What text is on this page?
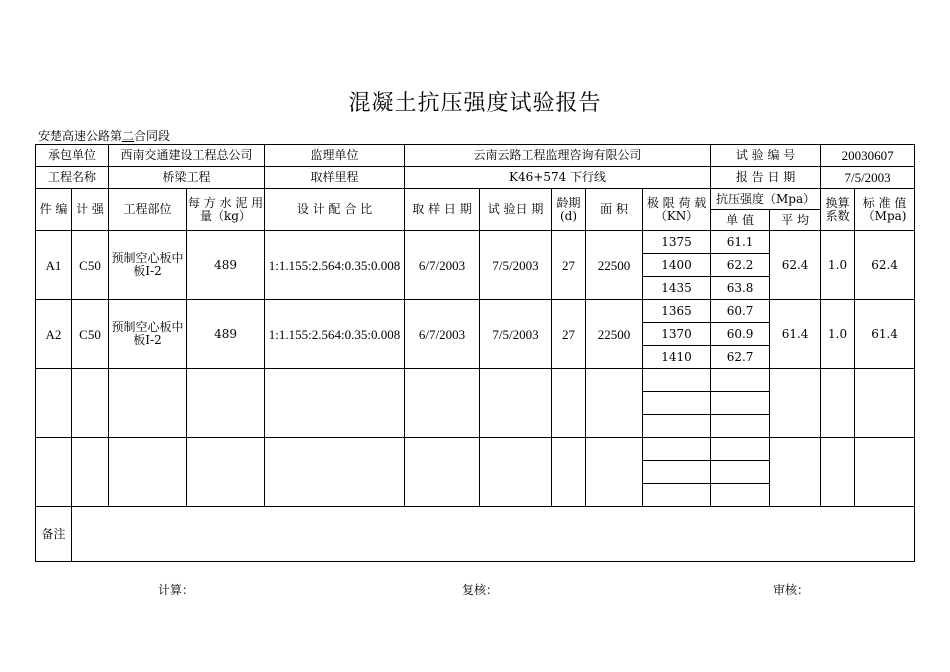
混凝土抗压强度试验报告
安楚高速公路第二合同段
承包单位		西南交通建设工程总公司		监理单位	云南云路工程监理咨询有限公司					试 验 编 号		20030607	
工程名称		桥梁工程		取样里程	K46+574 下行线					报 告 日 期		7/5/2003	
件 编	计 强	工程部位	每 方 水 泥 用 量（kg）	设 计 配 合 比	取 样 日 期	试 验日 期	龄期 (d)	面 积	极 限 荷 载（KN）	抗压强度（Mpa）		换算 系数	标 准 值 （Mpa)
										单 值	平 均		
A1	C50	预制空心板中板Ⅰ-2	489	1:1.155:2.564:0.35:0.008	6/7/2003	7/5/2003	27	22500	1375	61.1	62.4	1.0	62.4
									1400	62.2			
									1435	63.8			
A2	C50	预制空心板中板Ⅰ-2	489	1:1.155:2.564:0.35:0.008	6/7/2003	7/5/2003	27	22500	1365	60.7	61.4	1.0	61.4
									1370	60.9			
									1410	62.7			

备注													
计算：	复核：	审核：
